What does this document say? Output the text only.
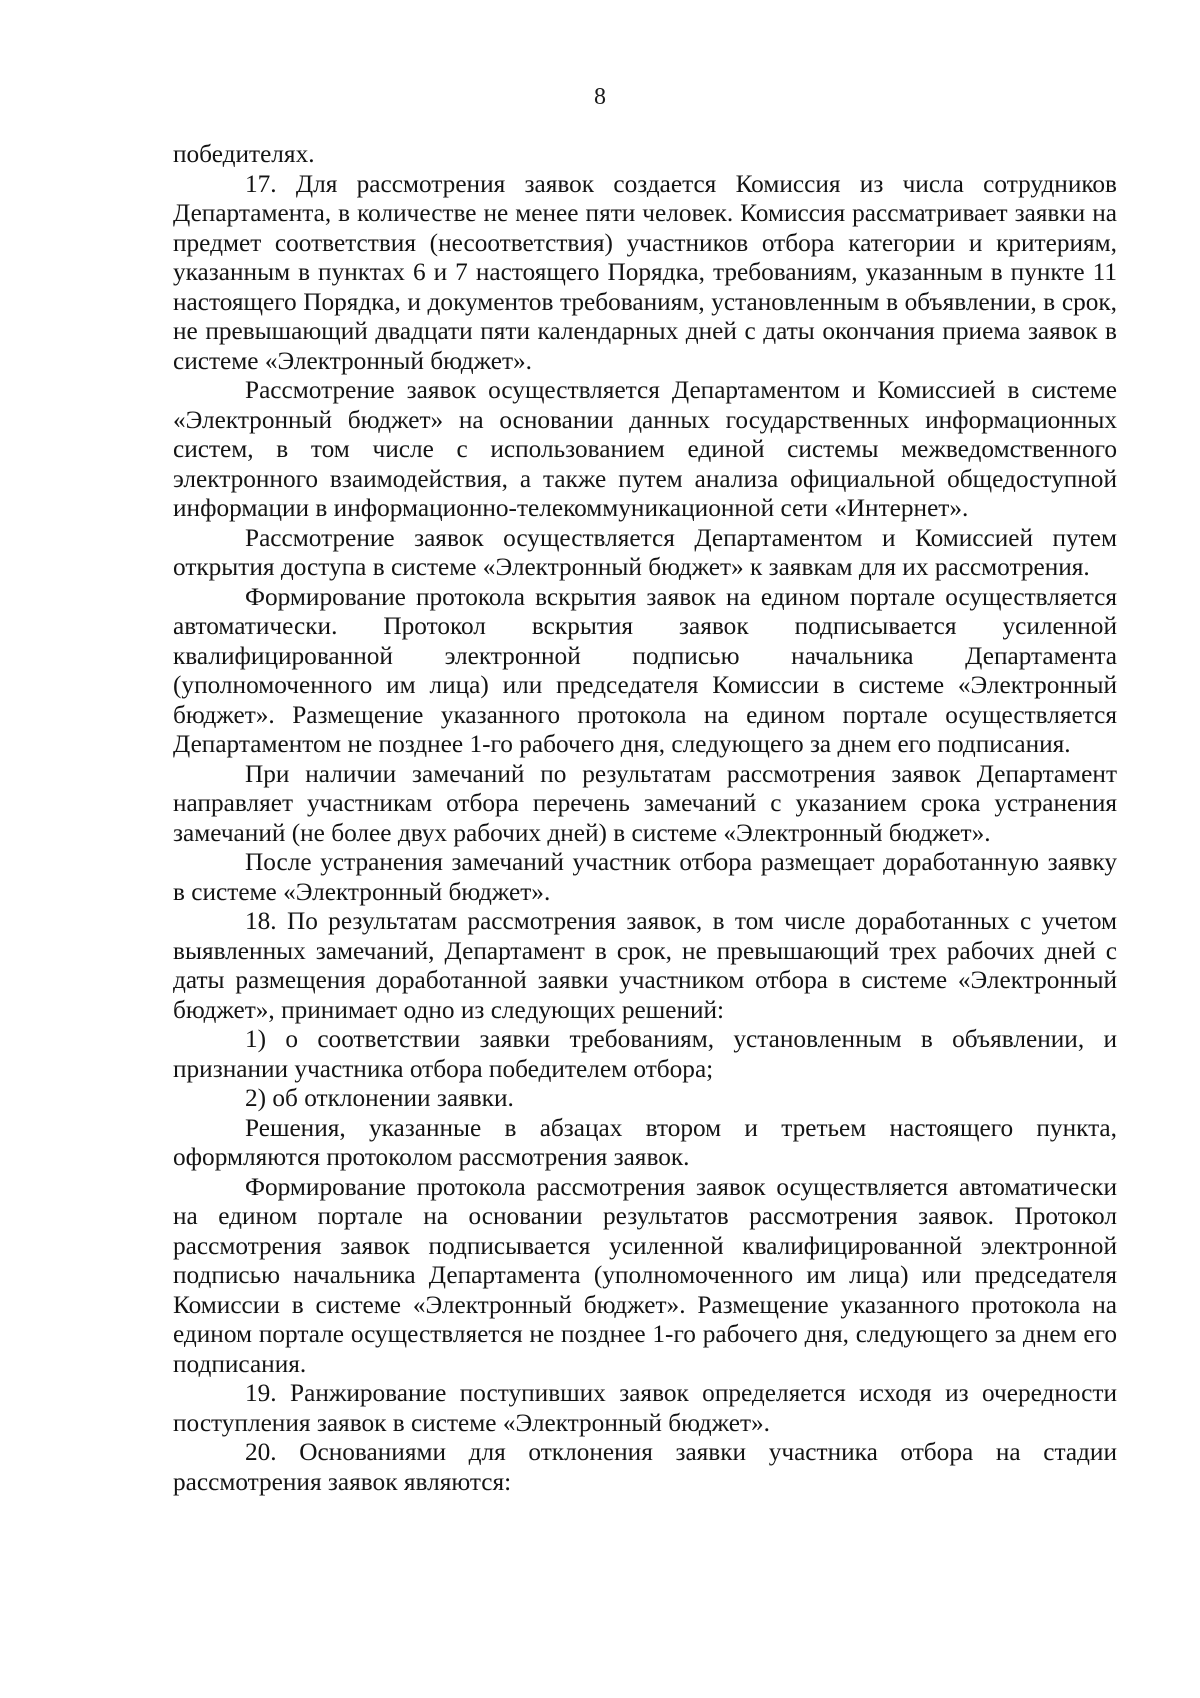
8

победителях.

17. Для рассмотрения заявок создается Комиссия из числа сотрудников Департамента, в количестве не менее пяти человек. Комиссия рассматривает заявки на предмет соответствия (несоответствия) участников отбора категории и критериям, указанным в пунктах 6 и 7 настоящего Порядка, требованиям, указанным в пункте 11 настоящего Порядка, и документов требованиям, установленным в объявлении, в срок, не превышающий двадцати пяти календарных дней с даты окончания приема заявок в системе «Электронный бюджет».

Рассмотрение заявок осуществляется Департаментом и Комиссией в системе «Электронный бюджет» на основании данных государственных информационных систем, в том числе с использованием единой системы межведомственного электронного взаимодействия, а также путем анализа официальной общедоступной информации в информационно-телекоммуникационной сети «Интернет».

Рассмотрение заявок осуществляется Департаментом и Комиссией путем открытия доступа в системе «Электронный бюджет» к заявкам для их рассмотрения.

Формирование протокола вскрытия заявок на едином портале осуществляется автоматически. Протокол вскрытия заявок подписывается усиленной квалифицированной электронной подписью начальника Департамента (уполномоченного им лица) или председателя Комиссии в системе «Электронный бюджет». Размещение указанного протокола на едином портале осуществляется Департаментом не позднее 1-го рабочего дня, следующего за днем его подписания.

При наличии замечаний по результатам рассмотрения заявок Департамент направляет участникам отбора перечень замечаний с указанием срока устранения замечаний (не более двух рабочих дней) в системе «Электронный бюджет».

После устранения замечаний участник отбора размещает доработанную заявку в системе «Электронный бюджет».

18. По результатам рассмотрения заявок, в том числе доработанных с учетом выявленных замечаний, Департамент в срок, не превышающий трех рабочих дней с даты размещения доработанной заявки участником отбора в системе «Электронный бюджет», принимает одно из следующих решений:

1) о соответствии заявки требованиям, установленным в объявлении, и признании участника отбора победителем отбора;

2) об отклонении заявки.

Решения, указанные в абзацах втором и третьем настоящего пункта, оформляются протоколом рассмотрения заявок.

Формирование протокола рассмотрения заявок осуществляется автоматически на едином портале на основании результатов рассмотрения заявок. Протокол рассмотрения заявок подписывается усиленной квалифицированной электронной подписью начальника Департамента (уполномоченного им лица) или председателя Комиссии в системе «Электронный бюджет». Размещение указанного протокола на едином портале осуществляется не позднее 1-го рабочего дня, следующего за днем его подписания.

19. Ранжирование поступивших заявок определяется исходя из очередности поступления заявок в системе «Электронный бюджет».

20. Основаниями для отклонения заявки участника отбора на стадии рассмотрения заявок являются:
